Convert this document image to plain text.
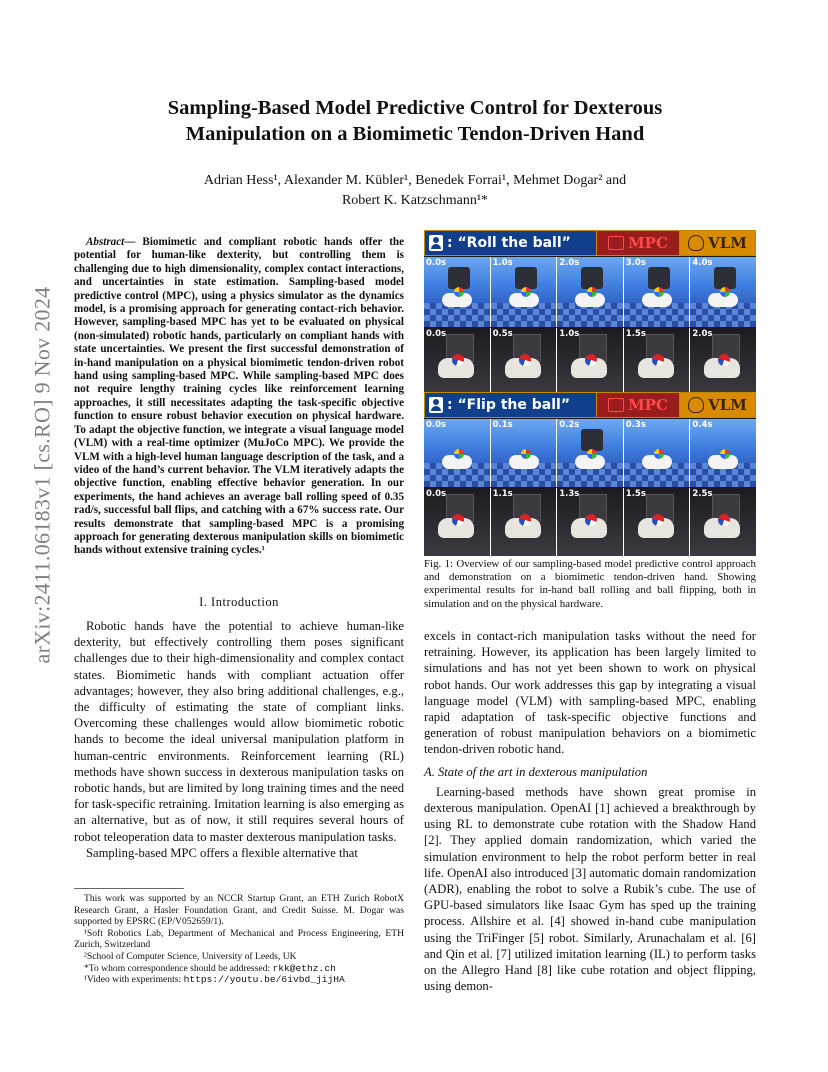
arXiv:2411.06183v1 [cs.RO] 9 Nov 2024
Sampling-Based Model Predictive Control for Dexterous
Manipulation on a Biomimetic Tendon-Driven Hand
Adrian Hess¹, Alexander M. Kübler¹, Benedek Forrai¹, Mehmet Dogar² and
Robert K. Katzschmann¹*

Abstract— Biomimetic and compliant robotic hands offer the potential for human-like dexterity, but controlling them is challenging due to high dimensionality, complex contact interactions, and uncertainties in state estimation. Sampling-based model predictive control (MPC), using a physics simulator as the dynamics model, is a promising approach for generating contact-rich behavior. However, sampling-based MPC has yet to be evaluated on physical (non-simulated) robotic hands, particularly on compliant hands with state uncertainties. We present the first successful demonstration of in-hand manipulation on a physical biomimetic tendon-driven robot hand using sampling-based MPC. While sampling-based MPC does not require lengthy training cycles like reinforcement learning approaches, it still necessitates adapting the task-specific objective function to ensure robust behavior execution on physical hardware. To adapt the objective function, we integrate a visual language model (VLM) with a real-time optimizer (MuJoCo MPC). We provide the VLM with a high-level human language description of the task, and a video of the hand’s current behavior. The VLM iteratively adapts the objective function, enabling effective behavior generation. In our experiments, the hand achieves an average ball rolling speed of 0.35 rad/s, successful ball flips, and catching with a 67% success rate. Our results demonstrate that sampling-based MPC is a promising approach for generating dexterous manipulation skills on biomimetic hands without extensive training cycles.¹

I. Introduction

Robotic hands have the potential to achieve human-like dexterity, but effectively controlling them poses significant challenges due to their high-dimensionality and complex contact states. Biomimetic hands with compliant actuation offer advantages; however, they also bring additional challenges, e.g., the difficulty of estimating the state of compliant links. Overcoming these challenges would allow biomimetic robotic hands to become the ideal universal manipulation platform in human-centric environments. Reinforcement learning (RL) methods have shown success in dexterous manipulation tasks on robotic hands, but are limited by long training times and the need for task-specific retraining. Imitation learning is also emerging as an alternative, but as of now, it still requires several hours of robot teleoperation data to master dexterous manipulation tasks.

Sampling-based MPC offers a flexible alternative that

This work was supported by an NCCR Startup Grant, an ETH Zurich RobotX Research Grant, a Hasler Foundation Grant, and Credit Suisse. M. Dogar was supported by EPSRC (EP/V052659/1).

¹Soft Robotics Lab, Department of Mechanical and Process Engineering, ETH Zurich, Switzerland

²School of Computer Science, University of Leeds, UK

*To whom correspondence should be addressed: rkk@ethz.ch

¹Video with experiments: https://youtu.be/6ivbd_jijHA

: “Roll the ball”	MPC	VLM
0.0s	1.0s	2.0s	3.0s	4.0s
0.0s	0.5s	1.0s	1.5s	2.0s
: “Flip the ball”	MPC	VLM
0.0s	0.1s	0.2s	0.3s	0.4s
0.0s	1.1s	1.3s	1.5s	2.5s
Fig. 1: Overview of our sampling-based model predictive control approach and demonstration on a biomimetic tendon-driven hand. Showing experimental results for in-hand ball rolling and ball flipping, both in simulation and on the physical hardware.

excels in contact-rich manipulation tasks without the need for retraining. However, its application has been largely limited to simulations and has not yet been shown to work on physical robot hands. Our work addresses this gap by integrating a visual language model (VLM) with sampling-based MPC, enabling rapid adaptation of task-specific objective functions and generation of robust manipulation behaviors on a biomimetic tendon-driven robotic hand.

A. State of the art in dexterous manipulation

Learning-based methods have shown great promise in dexterous manipulation. OpenAI [1] achieved a breakthrough by using RL to demonstrate cube rotation with the Shadow Hand [2]. They applied domain randomization, which varied the simulation environment to help the robot perform better in real life. OpenAI also introduced [3] automatic domain randomization (ADR), enabling the robot to solve a Rubik’s cube. The use of GPU-based simulators like Isaac Gym has sped up the training process. Allshire et al. [4] showed in-hand cube manipulation using the TriFinger [5] robot. Similarly, Arunachalam et al. [6] and Qin et al. [7] utilized imitation learning (IL) to perform tasks on the Allegro Hand [8] like cube rotation and object flipping, using demon-
